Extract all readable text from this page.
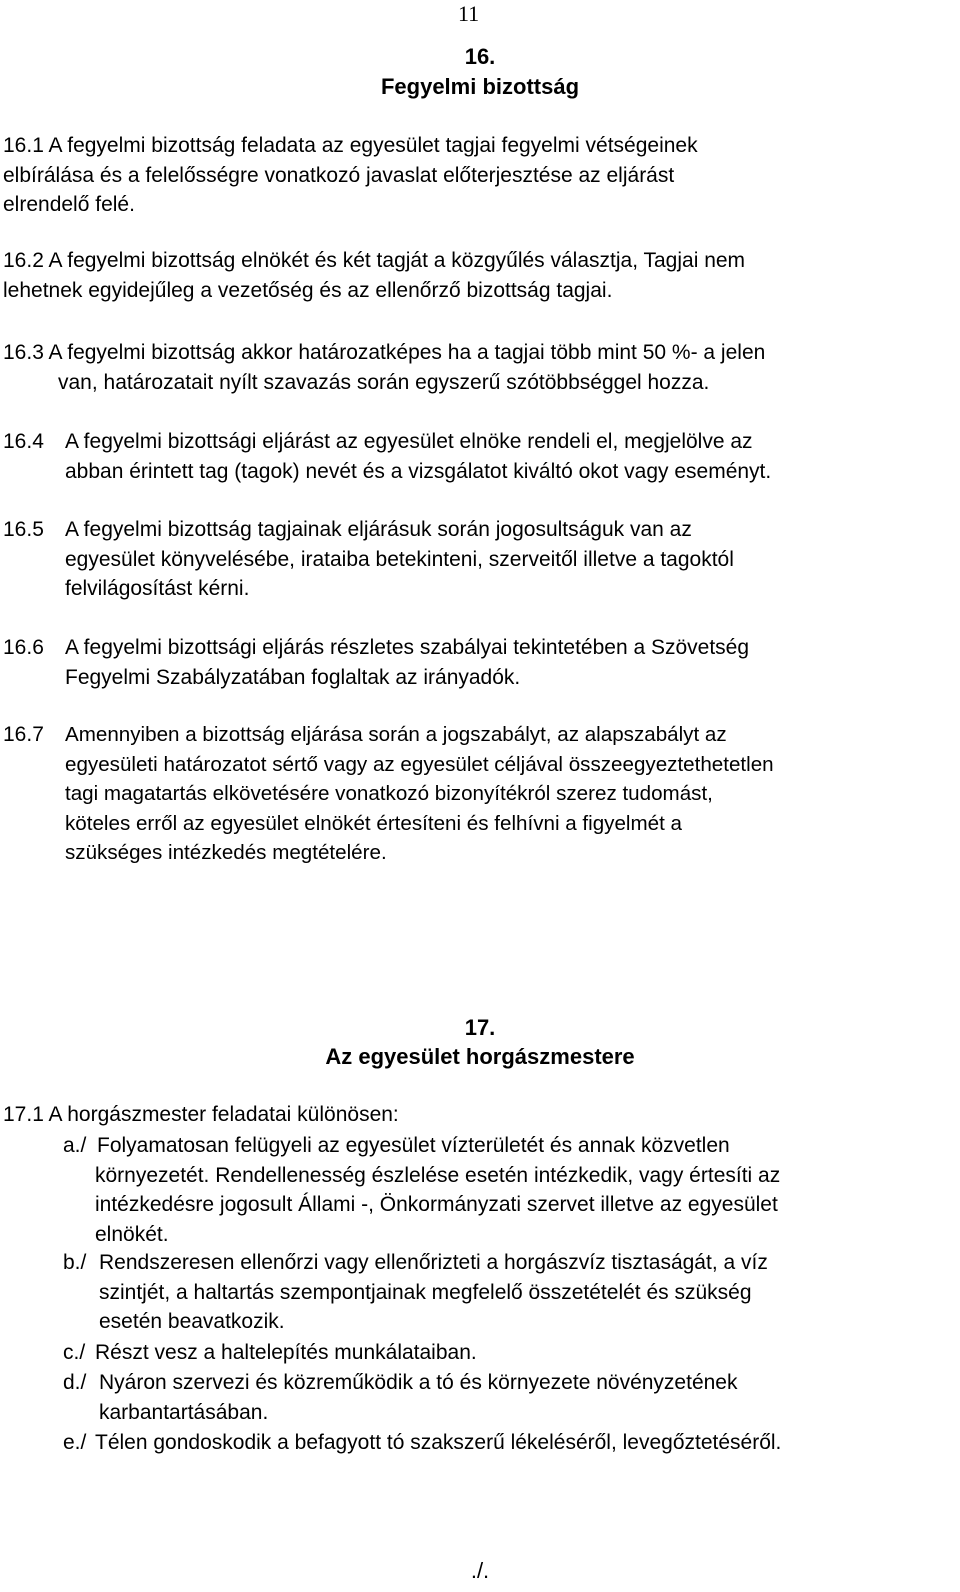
11
16.
Fegyelmi bizottság
16.1 A fegyelmi bizottság feladata az egyesület tagjai fegyelmi vétségeinek
elbírálása és a felelősségre vonatkozó javaslat előterjesztése az eljárást
elrendelő felé.
16.2 A fegyelmi bizottság elnökét és két tagját a közgyűlés választja, Tagjai nem
lehetnek egyidejűleg a vezetőség és az ellenőrző bizottság tagjai.
16.3 A fegyelmi bizottság akkor határozatképes ha a tagjai több mint 50 %- a jelen
van, határozatait nyílt szavazás során egyszerű szótöbbséggel hozza.
16.4 A fegyelmi bizottsági eljárást az egyesület elnöke rendeli el, megjelölve az
abban érintett tag (tagok) nevét és a vizsgálatot kiváltó okot vagy eseményt.
16.5 A fegyelmi bizottság tagjainak eljárásuk során jogosultságuk van az
egyesület könyvelésébe, irataiba betekinteni, szerveitől illetve a tagoktól
felvilágosítást kérni.
16.6 A fegyelmi bizottsági eljárás részletes szabályai tekintetében a Szövetség
Fegyelmi Szabályzatában foglaltak az irányadók.
16.7 Amennyiben a bizottság eljárása során a jogszabályt, az alapszabályt az
egyesületi határozatot sértő vagy az egyesület céljával összeegyeztethetetlen
tagi magatartás elkövetésére vonatkozó bizonyítékról szerez tudomást,
köteles erről az egyesület elnökét értesíteni és felhívni a figyelmét a
szükséges intézkedés megtételére.
17.
Az egyesület horgászmestere
17.1 A horgászmester feladatai különösen:
a./ Folyamatosan felügyeli az egyesület vízterületét és annak közvetlen
környezetét. Rendellenesség észlelése esetén intézkedik, vagy értesíti az
intézkedésre jogosult Állami -, Önkormányzati szervet illetve az egyesület
elnökét.
b./ Rendszeresen ellenőrzi vagy ellenőrizteti a horgászvíz tisztaságát, a víz
szintjét, a haltartás szempontjainak megfelelő összetételét és szükség
esetén beavatkozik.
c./ Részt vesz a haltelepítés munkálataiban.
d./ Nyáron szervezi és közreműködik a tó és környezete növényzetének
karbantartásában.
e./ Télen gondoskodik a befagyott tó szakszerű lékeléséről, levegőztetéséről.
./.
